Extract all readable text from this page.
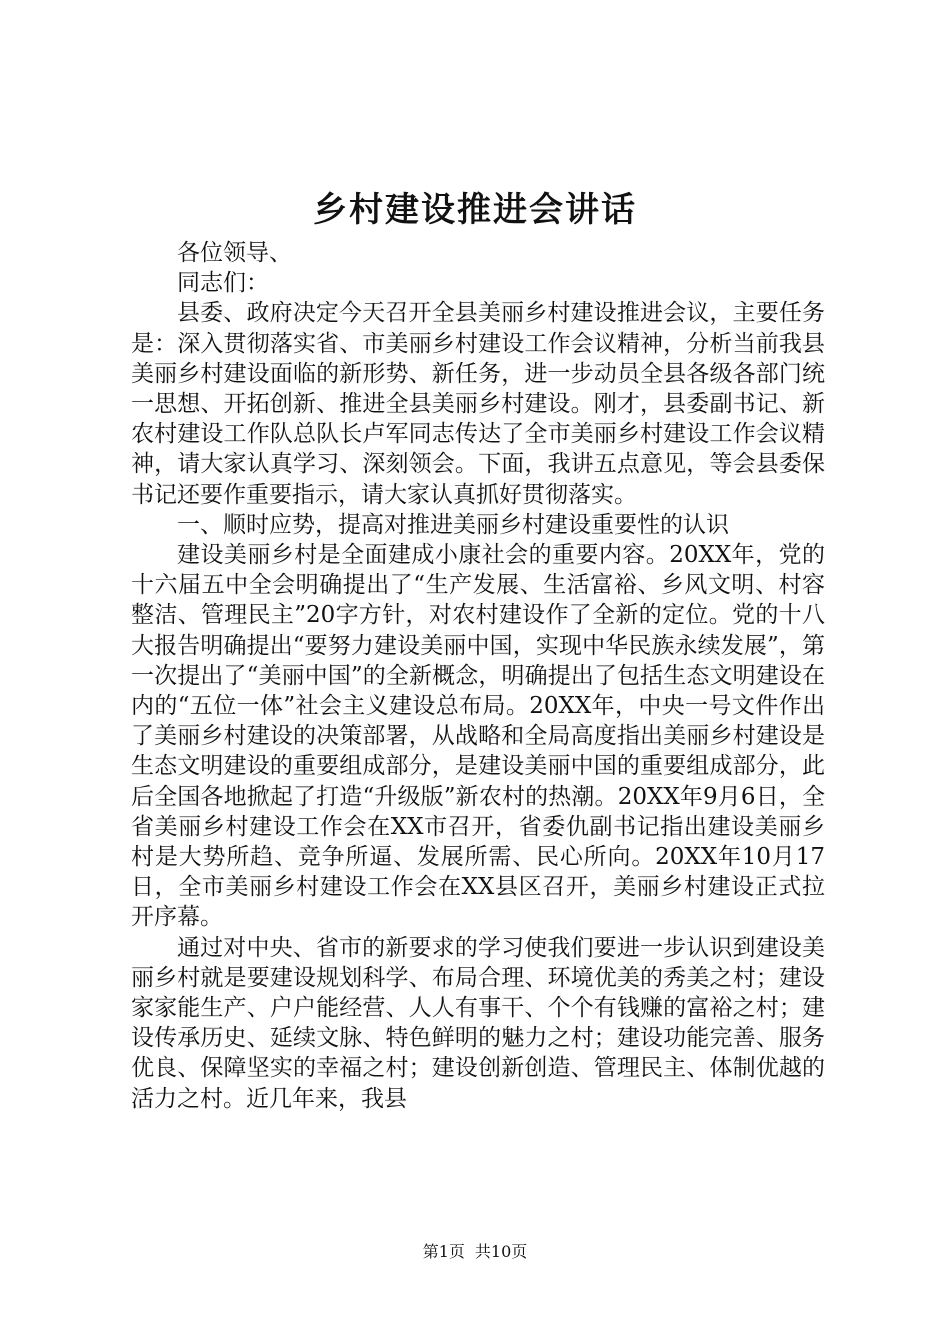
乡村建设推进会讲话

各位领导、

同志们：

县委、政府决定今天召开全县美丽乡村建设推进会议，主要任务是：深入贯彻落实省、市美丽乡村建设工作会议精神，分析当前我县美丽乡村建设面临的新形势、新任务，进一步动员全县各级各部门统一思想、开拓创新、推进全县美丽乡村建设。刚才，县委副书记、新农村建设工作队总队长卢军同志传达了全市美丽乡村建设工作会议精神，请大家认真学习、深刻领会。下面，我讲五点意见，等会县委保书记还要作重要指示，请大家认真抓好贯彻落实。

一、顺时应势，提高对推进美丽乡村建设重要性的认识

建设美丽乡村是全面建成小康社会的重要内容。20XX年，党的十六届五中全会明确提出了“生产发展、生活富裕、乡风文明、村容整洁、管理民主”20字方针，对农村建设作了全新的定位。党的十八大报告明确提出“要努力建设美丽中国，实现中华民族永续发展”，第一次提出了“美丽中国”的全新概念，明确提出了包括生态文明建设在内的“五位一体”社会主义建设总布局。20XX年，中央一号文件作出了美丽乡村建设的决策部署，从战略和全局高度指出美丽乡村建设是生态文明建设的重要组成部分，是建设美丽中国的重要组成部分，此后全国各地掀起了打造“升级版”新农村的热潮。20XX年9月6日，全省美丽乡村建设工作会在XX市召开，省委仇副书记指出建设美丽乡村是大势所趋、竞争所逼、发展所需、民心所向。20XX年10月17日，全市美丽乡村建设工作会在XX县区召开，美丽乡村建设正式拉开序幕。

通过对中央、省市的新要求的学习使我们要进一步认识到建设美丽乡村就是要建设规划科学、布局合理、环境优美的秀美之村；建设家家能生产、户户能经营、人人有事干、个个有钱赚的富裕之村；建设传承历史、延续文脉、特色鲜明的魅力之村；建设功能完善、服务优良、保障坚实的幸福之村；建设创新创造、管理民主、体制优越的活力之村。近几年来，我县

第1页 共10页
